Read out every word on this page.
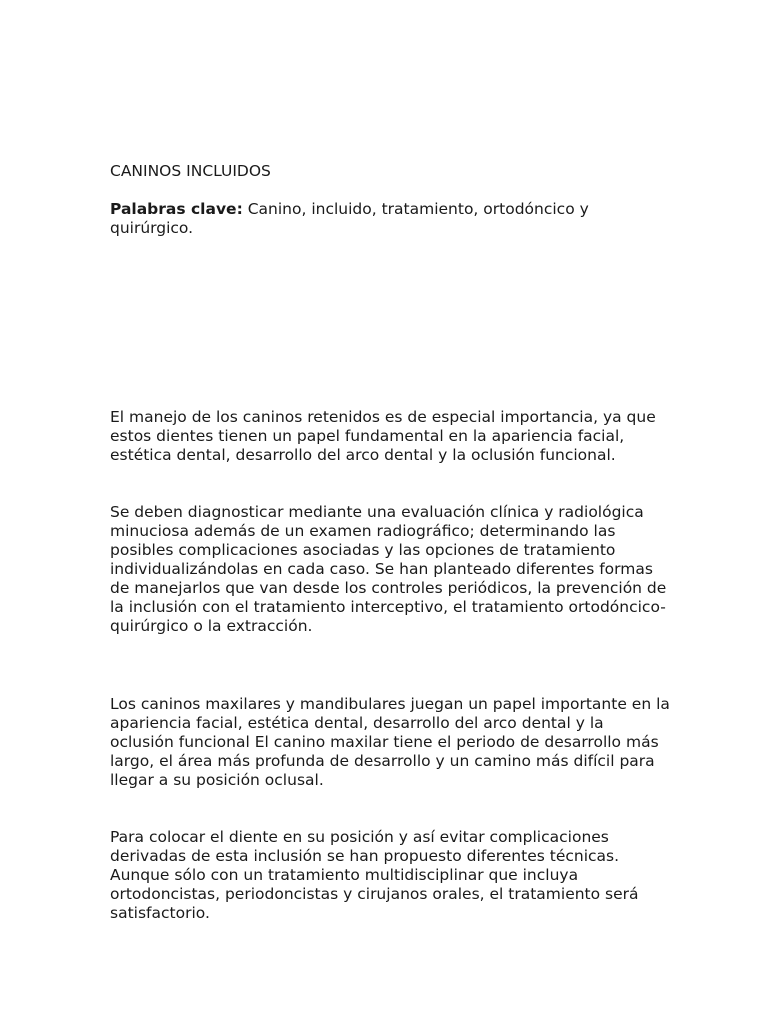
CANINOS INCLUIDOS

Palabras clave: Canino, incluido, tratamiento, ortodóncico y quirúrgico.

El manejo de los caninos retenidos es de especial importancia, ya que estos dientes tienen un papel fundamental en la apariencia facial, estética dental, desarrollo del arco dental y la oclusión funcional.

Se deben diagnosticar mediante una evaluación clínica y radiológica minuciosa además de un examen radiográfico; determinando las posibles complicaciones asociadas y las opciones de tratamiento individualizándolas en cada caso. Se han planteado diferentes formas de manejarlos que van desde los controles periódicos, la prevención de la inclusión con el tratamiento interceptivo, el tratamiento ortodóncico-quirúrgico o la extracción.

Los caninos maxilares y mandibulares juegan un papel importante en la apariencia facial, estética dental, desarrollo del arco dental y la oclusión funcional El canino maxilar tiene el periodo de desarrollo más largo, el área más profunda de desarrollo y un camino más difícil para llegar a su posición oclusal.

Para colocar el diente en su posición y así evitar complicaciones derivadas de esta inclusión se han propuesto diferentes técnicas. Aunque sólo con un tratamiento multidisciplinar que incluya ortodoncistas, periodoncistas y cirujanos orales, el tratamiento será satisfactorio.
